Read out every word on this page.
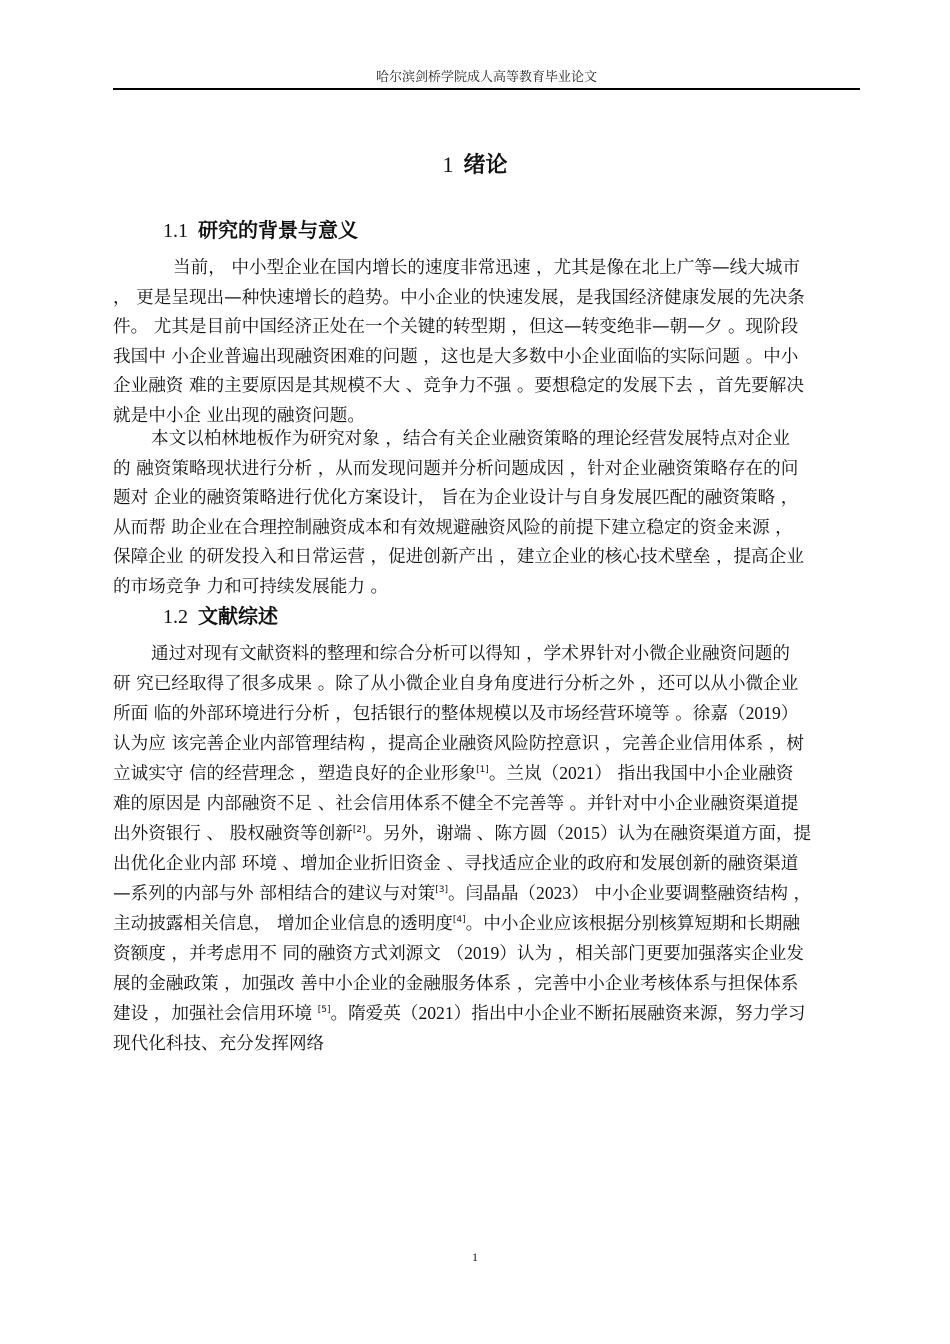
哈尔滨剑桥学院成人高等教育毕业论文
1 绪论
1.1 研究的背景与意义
当前， 中小型企业在国内增长的速度非常迅速 ，尤其是像在北上广等—线大城市
， 更是呈现出—种快速增长的趋势。中小企业的快速发展，是我国经济健康发展的先决条
件。 尤其是目前中国经济正处在一个关键的转型期 ，但这—转变绝非—朝—夕 。现阶段
我国中 小企业普遍出现融资困难的问题 ，这也是大多数中小企业面临的实际问题 。中小
企业融资 难的主要原因是其规模不大 、竞争力不强 。要想稳定的发展下去 ，首先要解决
就是中小企 业出现的融资问题。
本文以柏林地板作为研究对象 ，结合有关企业融资策略的理论经营发展特点对企业
的 融资策略现状进行分析 ，从而发现问题并分析问题成因 ，针对企业融资策略存在的问
题对 企业的融资策略进行优化方案设计， 旨在为企业设计与自身发展匹配的融资策略 ，
从而帮 助企业在合理控制融资成本和有效规避融资风险的前提下建立稳定的资金来源 ，
保障企业 的研发投入和日常运营 ，促进创新产出 ，建立企业的核心技术壁垒 ，提高企业
的市场竞争 力和可持续发展能力 。
1.2 文献综述
通过对现有文献资料的整理和综合分析可以得知 ，学术界针对小微企业融资问题的
研 究已经取得了很多成果 。除了从小微企业自身角度进行分析之外 ，还可以从小微企业
所面 临的外部环境进行分析 ，包括银行的整体规模以及市场经营环境等 。徐嘉（2019）
认为应 该完善企业内部管理结构 ，提高企业融资风险防控意识 ，完善企业信用体系 ，树
立诚实守 信的经营理念 ，塑造良好的企业形象[1]。兰岚（2021） 指出我国中小企业融资
难的原因是 内部融资不足 、社会信用体系不健全不完善等 。并针对中小企业融资渠道提
出外资银行 、 股权融资等创新[2]。另外，谢端 、陈方圆（2015）认为在融资渠道方面，提
出优化企业内部 环境 、增加企业折旧资金 、寻找适应企业的政府和发展创新的融资渠道
—系列的内部与外 部相结合的建议与对策[3]。闫晶晶（2023） 中小企业要调整融资结构 ，
主动披露相关信息， 增加企业信息的透明度[4]。中小企业应该根据分别核算短期和长期融
资额度 ，并考虑用不 同的融资方式刘源文 （2019）认为 ，相关部门更要加强落实企业发
展的金融政策 ，加强改 善中小企业的金融服务体系 ，完善中小企业考核体系与担保体系
建设 ，加强社会信用环境 [5]。隋爱英（2021）指出中小企业不断拓展融资来源，努力学习
现代化科技、充分发挥网络
1
